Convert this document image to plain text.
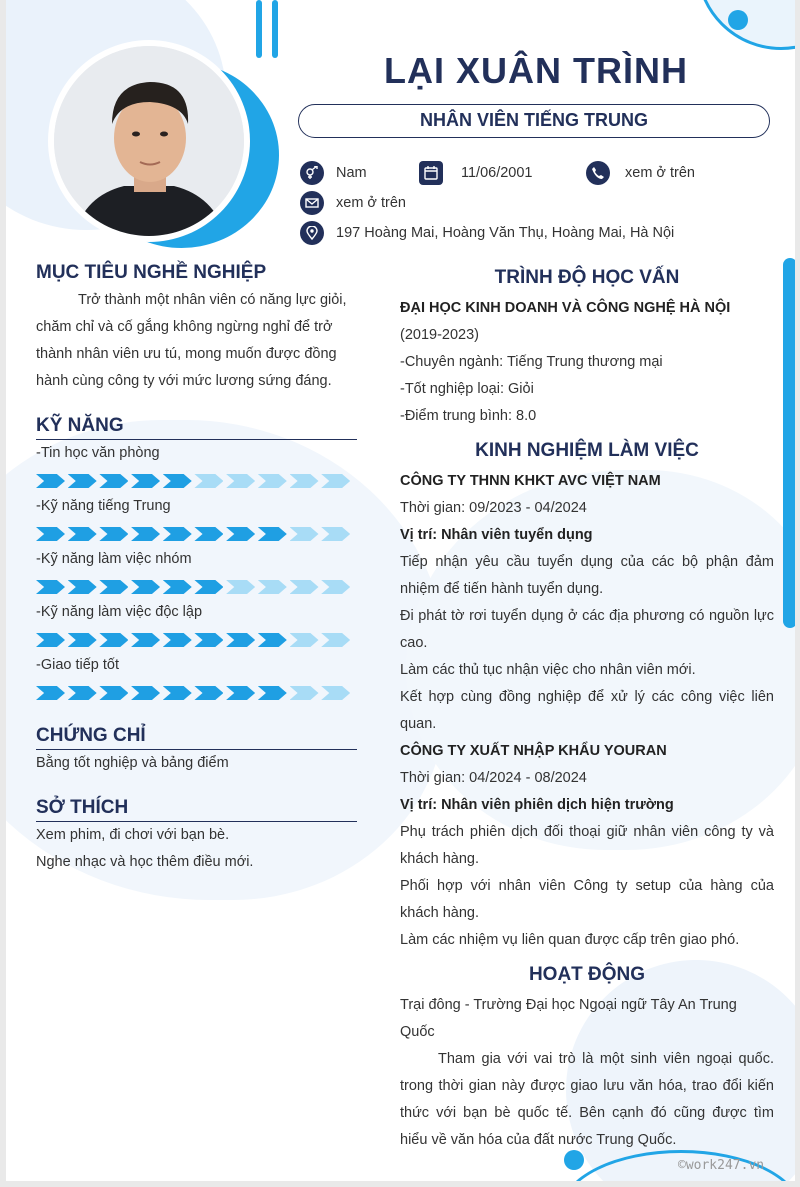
LẠI XUÂN TRÌNH
NHÂN VIÊN TIẾNG TRUNG
Nam	11/06/2001	xem ở trên
xem ở trên
197 Hoàng Mai, Hoàng Văn Thụ, Hoàng Mai, Hà Nội
MỤC TIÊU NGHỀ NGHIỆP
Trở thành một nhân viên có năng lực giỏi,
chăm chỉ và cố gắng không ngừng nghỉ để trở
thành nhân viên ưu tú, mong muốn được đồng
hành cùng công ty với mức lương sứng đáng.
KỸ NĂNG
-Tin học văn phòng
-Kỹ năng tiếng Trung
-Kỹ năng làm việc nhóm
-Kỹ năng làm việc độc lập
-Giao tiếp tốt
CHỨNG CHỈ
Bằng tốt nghiệp và bảng điểm
SỞ THÍCH
Xem phim, đi chơi với bạn bè.
Nghe nhạc và học thêm điều mới.
TRÌNH ĐỘ HỌC VẤN
ĐẠI HỌC KINH DOANH VÀ CÔNG NGHỆ HÀ NỘI
(2019-2023)
-Chuyên ngành: Tiếng Trung thương mại
-Tốt nghiệp loại: Giỏi
-Điểm trung bình: 8.0
KINH NGHIỆM LÀM VIỆC
CÔNG TY THNN KHKT AVC VIỆT NAM
Thời gian: 09/2023 - 04/2024
Vị trí: Nhân viên tuyển dụng
Tiếp nhận yêu cầu tuyển dụng của các bộ phận đảm
nhiệm để tiến hành tuyển dụng.
Đi phát tờ rơi tuyển dụng ở các địa phương có nguồn lực
cao.
Làm các thủ tục nhận việc cho nhân viên mới.
Kết hợp cùng đồng nghiệp để xử lý các công việc liên
quan.
CÔNG TY XUẤT NHẬP KHẨU YOURAN
Thời gian: 04/2024 - 08/2024
Vị trí: Nhân viên phiên dịch hiện trường
Phụ trách phiên dịch đối thoại giữ nhân viên công ty và
khách hàng.
Phối hợp với nhân viên Công ty setup của hàng của
khách hàng.
Làm các nhiệm vụ liên quan được cấp trên giao phó.
HOẠT ĐỘNG
Trại đông - Trường Đại học Ngoại ngữ Tây An Trung
Quốc
Tham gia với vai trò là một sinh viên ngoại quốc.
trong thời gian này được giao lưu văn hóa, trao đổi kiến
thức với bạn bè quốc tế. Bên cạnh đó cũng được tìm
hiểu về văn hóa của đất nước Trung Quốc.
©work247.vn
